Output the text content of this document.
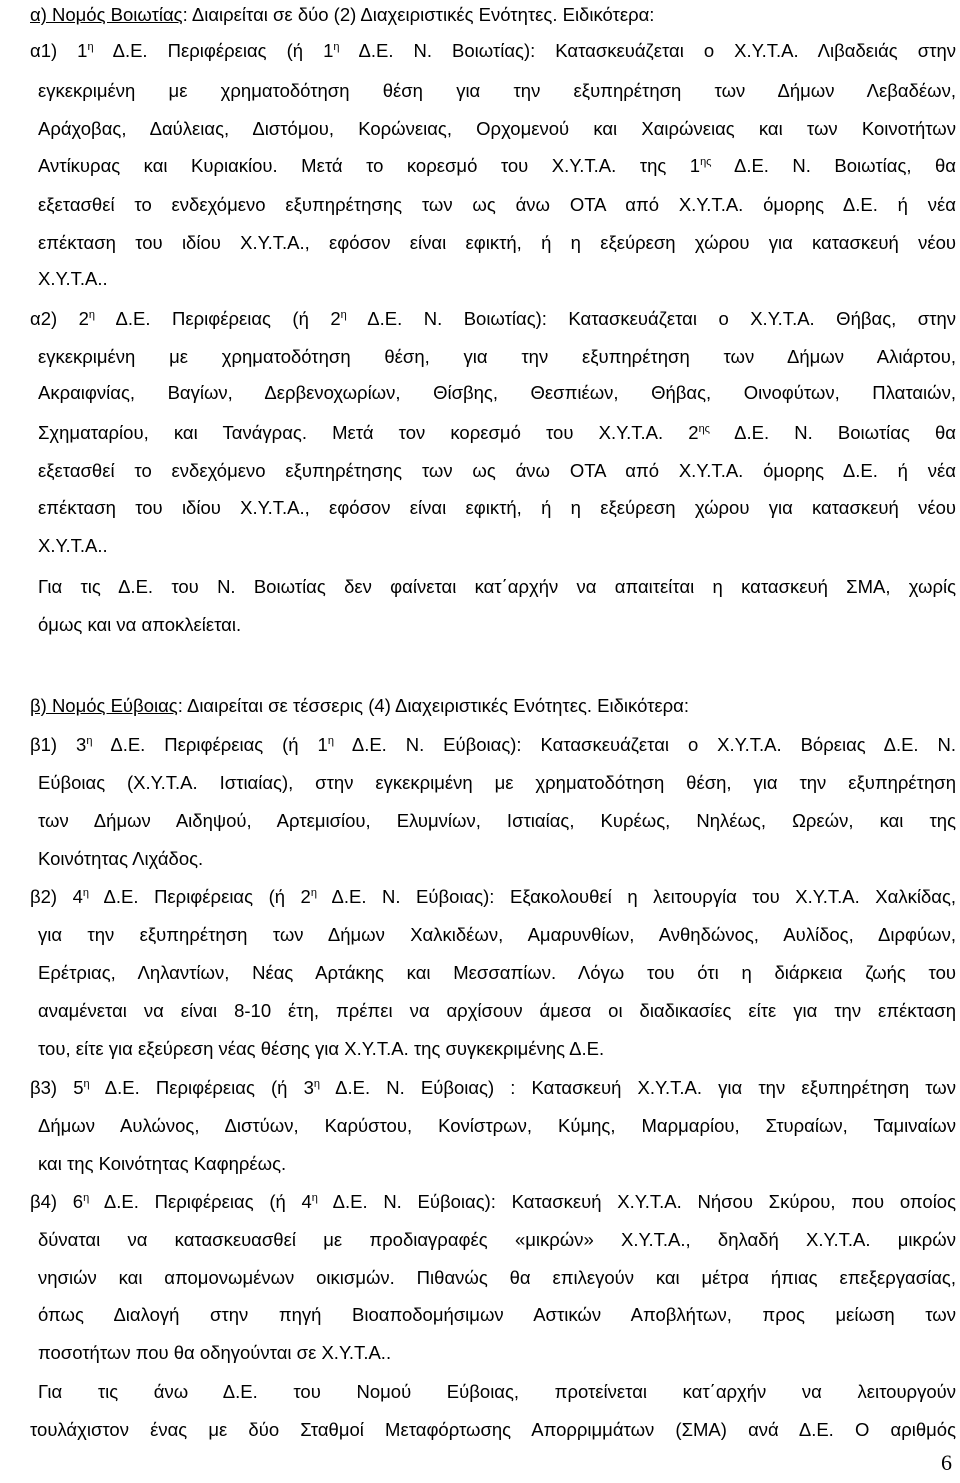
α) Νομός Βοιωτίας: Διαιρείται σε δύο (2) Διαχειριστικές Ενότητες. Ειδικότερα:
α1) $1^\eta$ Δ.Ε. Περιφέρειας (ή $1^\eta$ Δ.Ε. Ν. Βοιωτίας): Κατασκευάζεται ο Χ.Υ.Τ.Α. Λιβαδειάς στην
εγκεκριμένη με χρηματοδότηση θέση για την εξυπηρέτηση των Δήμων Λεβαδέων,
Αράχοβας, Δαύλειας, Διστόμου, Κορώνειας, Ορχομενού και Χαιρώνειας και των Κοινοτήτων
Αντίκυρας και Κυριακίου. Μετά το κορεσμό του Χ.Υ.Τ.Α. της $1^{\eta\varsigma}$ Δ.Ε. Ν. Βοιωτίας, θα
εξετασθεί το ενδεχόμενο εξυπηρέτησης των ως άνω ΟΤΑ από Χ.Υ.Τ.Α. όμορης Δ.Ε. ή νέα
επέκταση του ιδίου Χ.Υ.Τ.Α., εφόσον είναι εφικτή, ή η εξεύρεση χώρου για κατασκευή νέου
Χ.Υ.Τ.Α..
α2) $2^\eta$ Δ.Ε. Περιφέρειας (ή $2^\eta$ Δ.Ε. Ν. Βοιωτίας): Κατασκευάζεται ο Χ.Υ.Τ.Α. Θήβας, στην
εγκεκριμένη με χρηματοδότηση θέση, για την εξυπηρέτηση των Δήμων Αλιάρτου,
Ακραιφνίας, Βαγίων, Δερβενοχωρίων, Θίσβης, Θεσπιέων, Θήβας, Οινοφύτων, Πλαταιών,
Σχηματαρίου, και Τανάγρας. Μετά τον κορεσμό του Χ.Υ.Τ.Α. $2^{\eta\varsigma}$ Δ.Ε. Ν. Βοιωτίας θα
εξετασθεί το ενδεχόμενο εξυπηρέτησης των ως άνω ΟΤΑ από Χ.Υ.Τ.Α. όμορης Δ.Ε. ή νέα
επέκταση του ιδίου Χ.Υ.Τ.Α., εφόσον είναι εφικτή, ή η εξεύρεση χώρου για κατασκευή νέου
Χ.Υ.Τ.Α..
β1) $3^\eta$ Δ.Ε. Περιφέρειας (ή $1^\eta$ Δ.Ε. Ν. Εύβοιας): Κατασκευάζεται ο Χ.Υ.Τ.Α. Βόρειας Δ.Ε. Ν.
Εύβοιας (Χ.Υ.Τ.Α. Ιστιαίας), στην εγκεκριμένη με χρηματοδότηση θέση, για την εξυπηρέτηση
των Δήμων Αιδηψού, Αρτεμισίου, Ελυμνίων, Ιστιαίας, Κυρέως, Νηλέως, Ωρεών, και της
Κοινότητας Λιχάδος.
β2) $4^\eta$ Δ.Ε. Περιφέρειας (ή $2^\eta$ Δ.Ε. Ν. Εύβοιας): Εξακολουθεί η λειτουργία του Χ.Υ.Τ.Α. Χαλκίδας,
για την εξυπηρέτηση των Δήμων Χαλκιδέων, Αμαρυνθίων, Ανθηδώνος, Αυλίδος, Διρφύων,
Ερέτριας, Ληλαντίων, Νέας Αρτάκης και Μεσσαπίων. Λόγω του ότι η διάρκεια ζωής του
αναμένεται να είναι 8-10 έτη, πρέπει να αρχίσουν άμεσα οι διαδικασίες είτε για την επέκταση
του, είτε για εξεύρεση νέας θέσης για Χ.Υ.Τ.Α. της συγκεκριμένης Δ.Ε.
β3) $5^\eta$ Δ.Ε. Περιφέρειας (ή $3^\eta$ Δ.Ε. Ν. Εύβοιας) : Κατασκευή Χ.Υ.Τ.Α. για την εξυπηρέτηση των
Δήμων Αυλώνος, Διστύων, Καρύστου, Κονίστρων, Κύμης, Μαρμαρίου, Στυραίων, Ταμιναίων
και της Κοινότητας Καφηρέως.
β4) $6^\eta$ Δ.Ε. Περιφέρειας (ή $4^\eta$ Δ.Ε. Ν. Εύβοιας): Κατασκευή Χ.Υ.Τ.Α. Νήσου Σκύρου, που οποίος
δύναται να κατασκευασθεί με προδιαγραφές «μικρών» Χ.Υ.Τ.Α., δηλαδή Χ.Υ.Τ.Α. μικρών
νησιών και απομονωμένων οικισμών. Πιθανώς θα επιλεγούν και μέτρα ήπιας επεξεργασίας,
όπως Διαλογή στην πηγή Βιοαποδομήσιμων Αστικών Αποβλήτων, προς μείωση των
ποσοτήτων που θα οδηγούνται σε Χ.Υ.Τ.Α..
Για τις Δ.Ε. του Ν. Βοιωτίας δεν φαίνεται κατ΄αρχήν να απαιτείται η κατασκευή ΣΜΑ, χωρίς
όμως και να αποκλείεται.
β) Νομός Εύβοιας: Διαιρείται σε τέσσερις (4) Διαχειριστικές Ενότητες. Ειδικότερα:
Για τις άνω Δ.Ε. του Νομού Εύβοιας, προτείνεται κατ΄αρχήν να λειτουργούν
τουλάχιστον ένας με δύο Σταθμοί Μεταφόρτωσης Απορριμμάτων (ΣΜΑ) ανά Δ.Ε. Ο αριθμός
6
